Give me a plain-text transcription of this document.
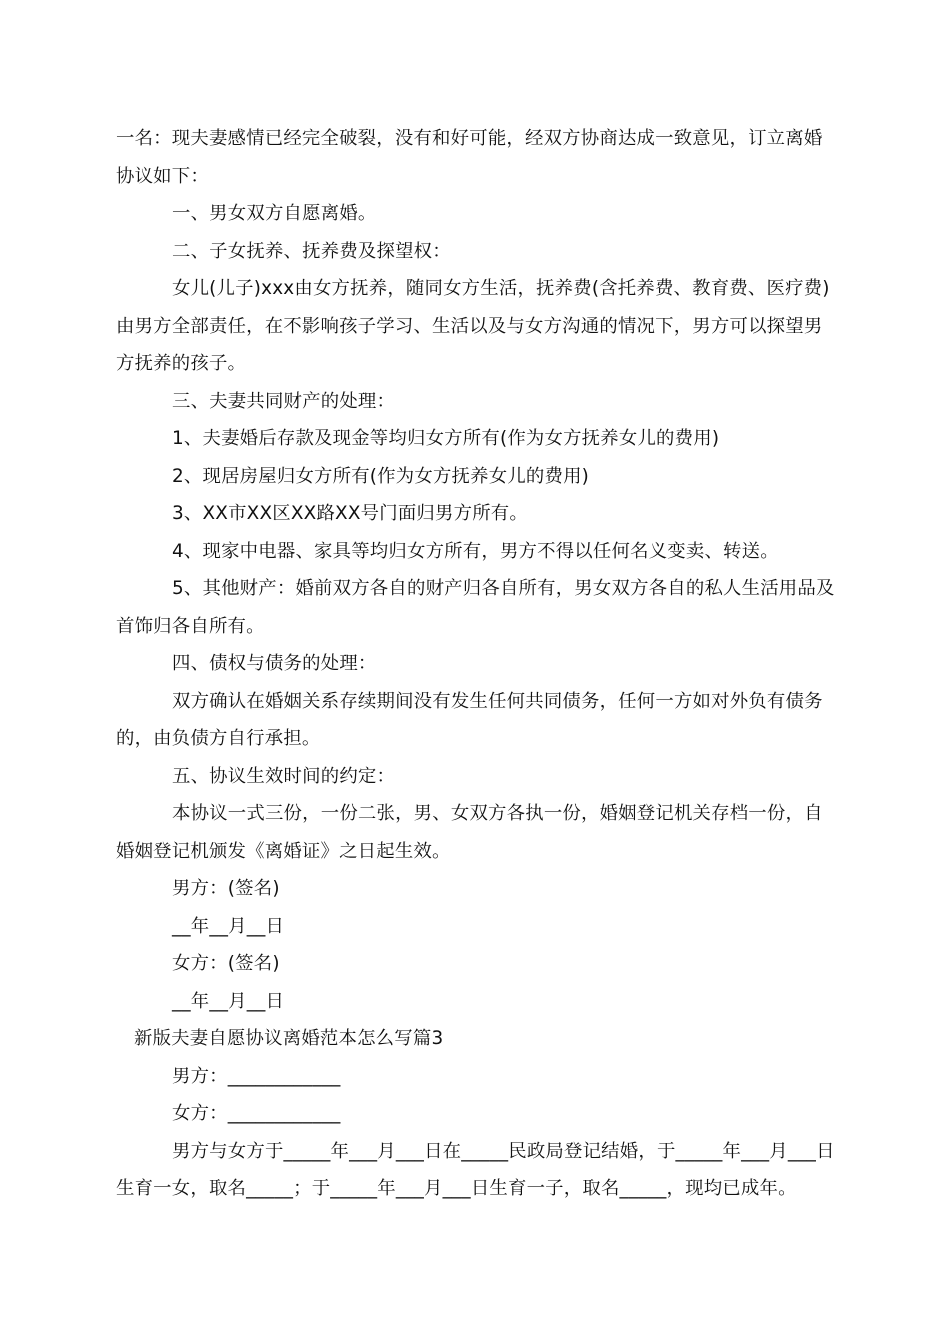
一名：现夫妻感情已经完全破裂，没有和好可能，经双方协商达成一致意见，订立离婚协议如下：

一、男女双方自愿离婚。

二、子女抚养、抚养费及探望权：

女儿(儿子)xxx由女方抚养，随同女方生活，抚养费(含托养费、教育费、医疗费)由男方全部责任，在不影响孩子学习、生活以及与女方沟通的情况下，男方可以探望男方抚养的孩子。

三、夫妻共同财产的处理：

1、夫妻婚后存款及现金等均归女方所有(作为女方抚养女儿的费用)

2、现居房屋归女方所有(作为女方抚养女儿的费用)

3、XX市XX区XX路XX号门面归男方所有。

4、现家中电器、家具等均归女方所有，男方不得以任何名义变卖、转送。

5、其他财产：婚前双方各自的财产归各自所有，男女双方各自的私人生活用品及首饰归各自所有。

四、债权与债务的处理：

双方确认在婚姻关系存续期间没有发生任何共同债务，任何一方如对外负有债务的，由负债方自行承担。

五、协议生效时间的约定：

本协议一式三份，一份二张，男、女双方各执一份，婚姻登记机关存档一份，自婚姻登记机颁发《离婚证》之日起生效。

男方：(签名)

__年__月__日

女方：(签名)

__年__月__日

新版夫妻自愿协议离婚范本怎么写篇3

男方：____________

女方：____________

男方与女方于_____年___月___日在_____民政局登记结婚，于_____年___月___日生育一女，取名_____；于_____年___月___日生育一子，取名_____，现均已成年。
